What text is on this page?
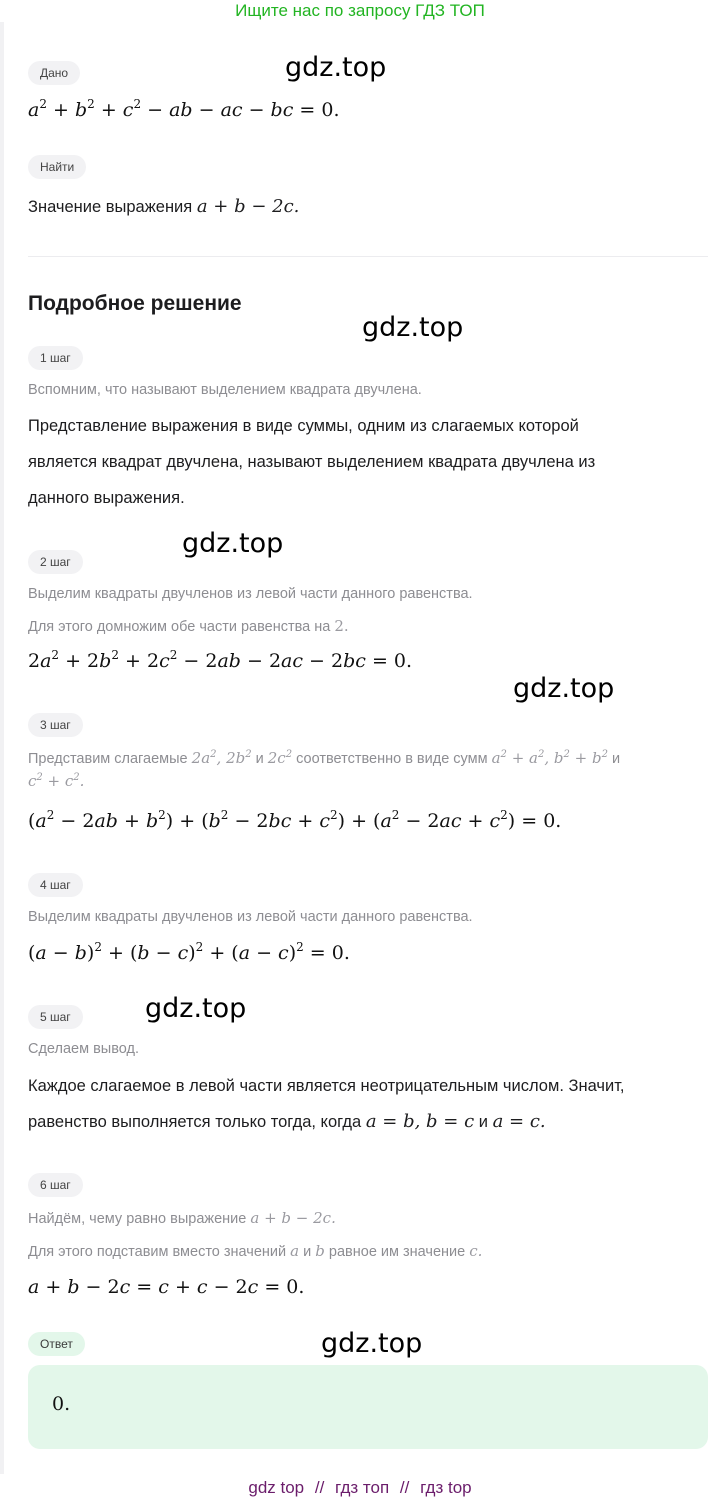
Ищите нас по запросу ГДЗ ТОП
Дано	gdz.top
$a^2 + b^2 + c^2$ − ab − ac − bc = 0.
Найти
Значение выражения a + b − 2c.
Подробное решение
gdz.top
1 шаг
Вспомним, что называют выделением квадрата двучлена.
Представление выражения в виде суммы, одним из слагаемых которой
является квадрат двучлена, называют выделением квадрата двучлена из
данного выражения.
gdz.top
2 шаг
Выделим квадраты двучленов из левой части данного равенства.
Для этого домножим обе части равенства на 2.
$2a^2 + 2b^2 + 2c^2 - 2ab - 2ac - 2bc = 0$.
gdz.top
3 шаг
Представим слагаемые $2a^2$, $2b^2$ и $2c^2$ соответственно в виде сумм $a^2 + a^2$, $b^2 + b^2$ и
$c^2 + c^2$.
$(a^2 - 2ab + b^2) + (b^2 - 2bc + c^2) + (a^2 - 2ac + c^2) = 0$.
4 шаг
Выделим квадраты двучленов из левой части данного равенства.
$(a - b)^2 + (b - c)^2 + (a - c)^2 = 0$.
gdz.top
5 шаг
Сделаем вывод.
Каждое слагаемое в левой части является неотрицательным числом. Значит,
равенство выполняется только тогда, когда a = b, b = c и a = c.
6 шаг
Найдём, чему равно выражение a + b − 2c.
Для этого подставим вместо значений a и b равное им значение c.
a + b − 2c = c + c − 2c = 0.
Ответ	gdz.top
0.
gdz top // гдз топ // гдз top
